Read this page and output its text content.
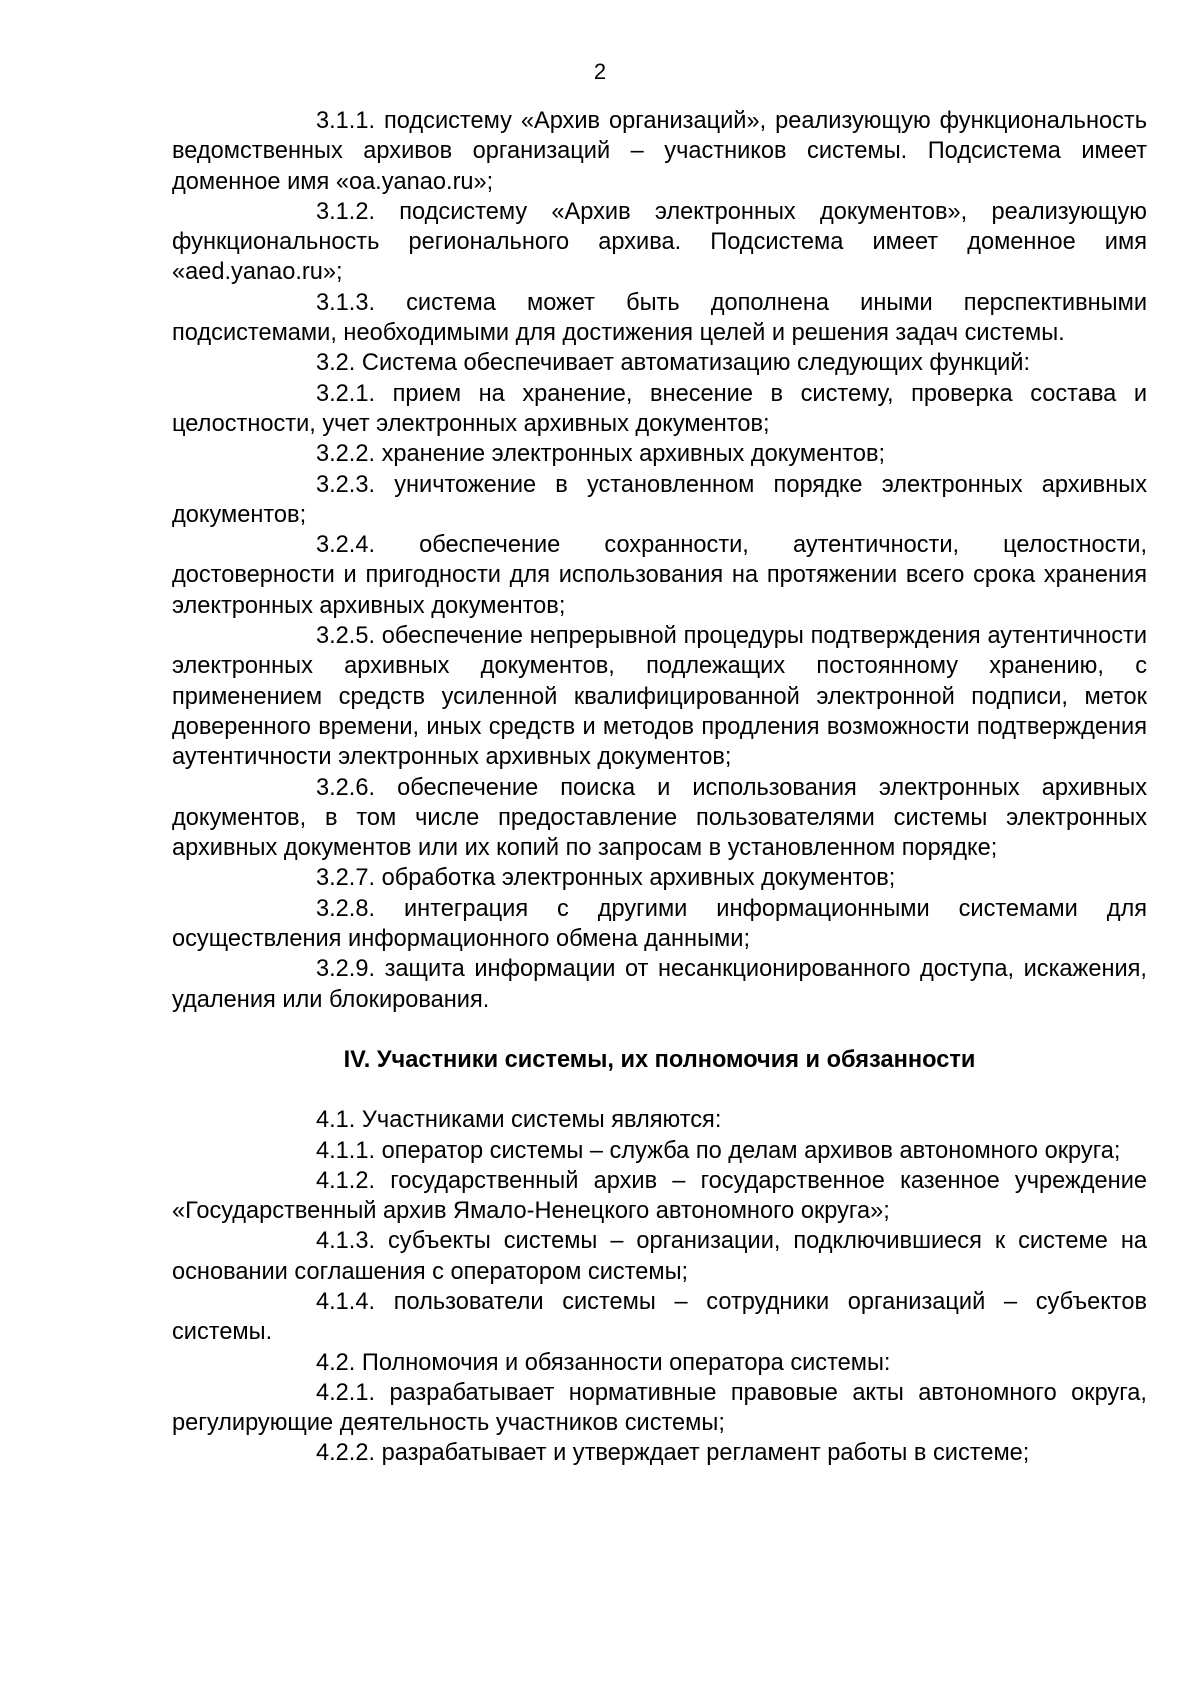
2

3.1.1. подсистему «Архив организаций», реализующую функциональность ведомственных архивов организаций – участников системы. Подсистема имеет доменное имя «oa.yanao.ru»;

3.1.2. подсистему «Архив электронных документов», реализующую функциональность регионального архива. Подсистема имеет доменное имя «aed.yanao.ru»;

3.1.3. система может быть дополнена иными перспективными подсистемами, необходимыми для достижения целей и решения задач системы.

3.2. Система обеспечивает автоматизацию следующих функций:

3.2.1. прием на хранение, внесение в систему, проверка состава и целостности, учет электронных архивных документов;

3.2.2. хранение электронных архивных документов;

3.2.3. уничтожение в установленном порядке электронных архивных документов;

3.2.4. обеспечение сохранности, аутентичности, целостности, достоверности и пригодности для использования на протяжении всего срока хранения электронных архивных документов;

3.2.5. обеспечение непрерывной процедуры подтверждения аутентичности электронных архивных документов, подлежащих постоянному хранению, с применением средств усиленной квалифицированной электронной подписи, меток доверенного времени, иных средств и методов продления возможности подтверждения аутентичности электронных архивных документов;

3.2.6. обеспечение поиска и использования электронных архивных документов, в том числе предоставление пользователями системы электронных архивных документов или их копий по запросам в установленном порядке;

3.2.7. обработка электронных архивных документов;

3.2.8. интеграция с другими информационными системами для осуществления информационного обмена данными;

3.2.9. защита информации от несанкционированного доступа, искажения, удаления или блокирования.

IV. Участники системы, их полномочия и обязанности

4.1. Участниками системы являются:

4.1.1. оператор системы – служба по делам архивов автономного округа;

4.1.2. государственный архив – государственное казенное учреждение «Государственный архив Ямало-Ненецкого автономного округа»;

4.1.3. субъекты системы – организации, подключившиеся к системе на основании соглашения с оператором системы;

4.1.4. пользователи системы – сотрудники организаций – субъектов системы.

4.2. Полномочия и обязанности оператора системы:

4.2.1. разрабатывает нормативные правовые акты автономного округа, регулирующие деятельность участников системы;

4.2.2. разрабатывает и утверждает регламент работы в системе;
